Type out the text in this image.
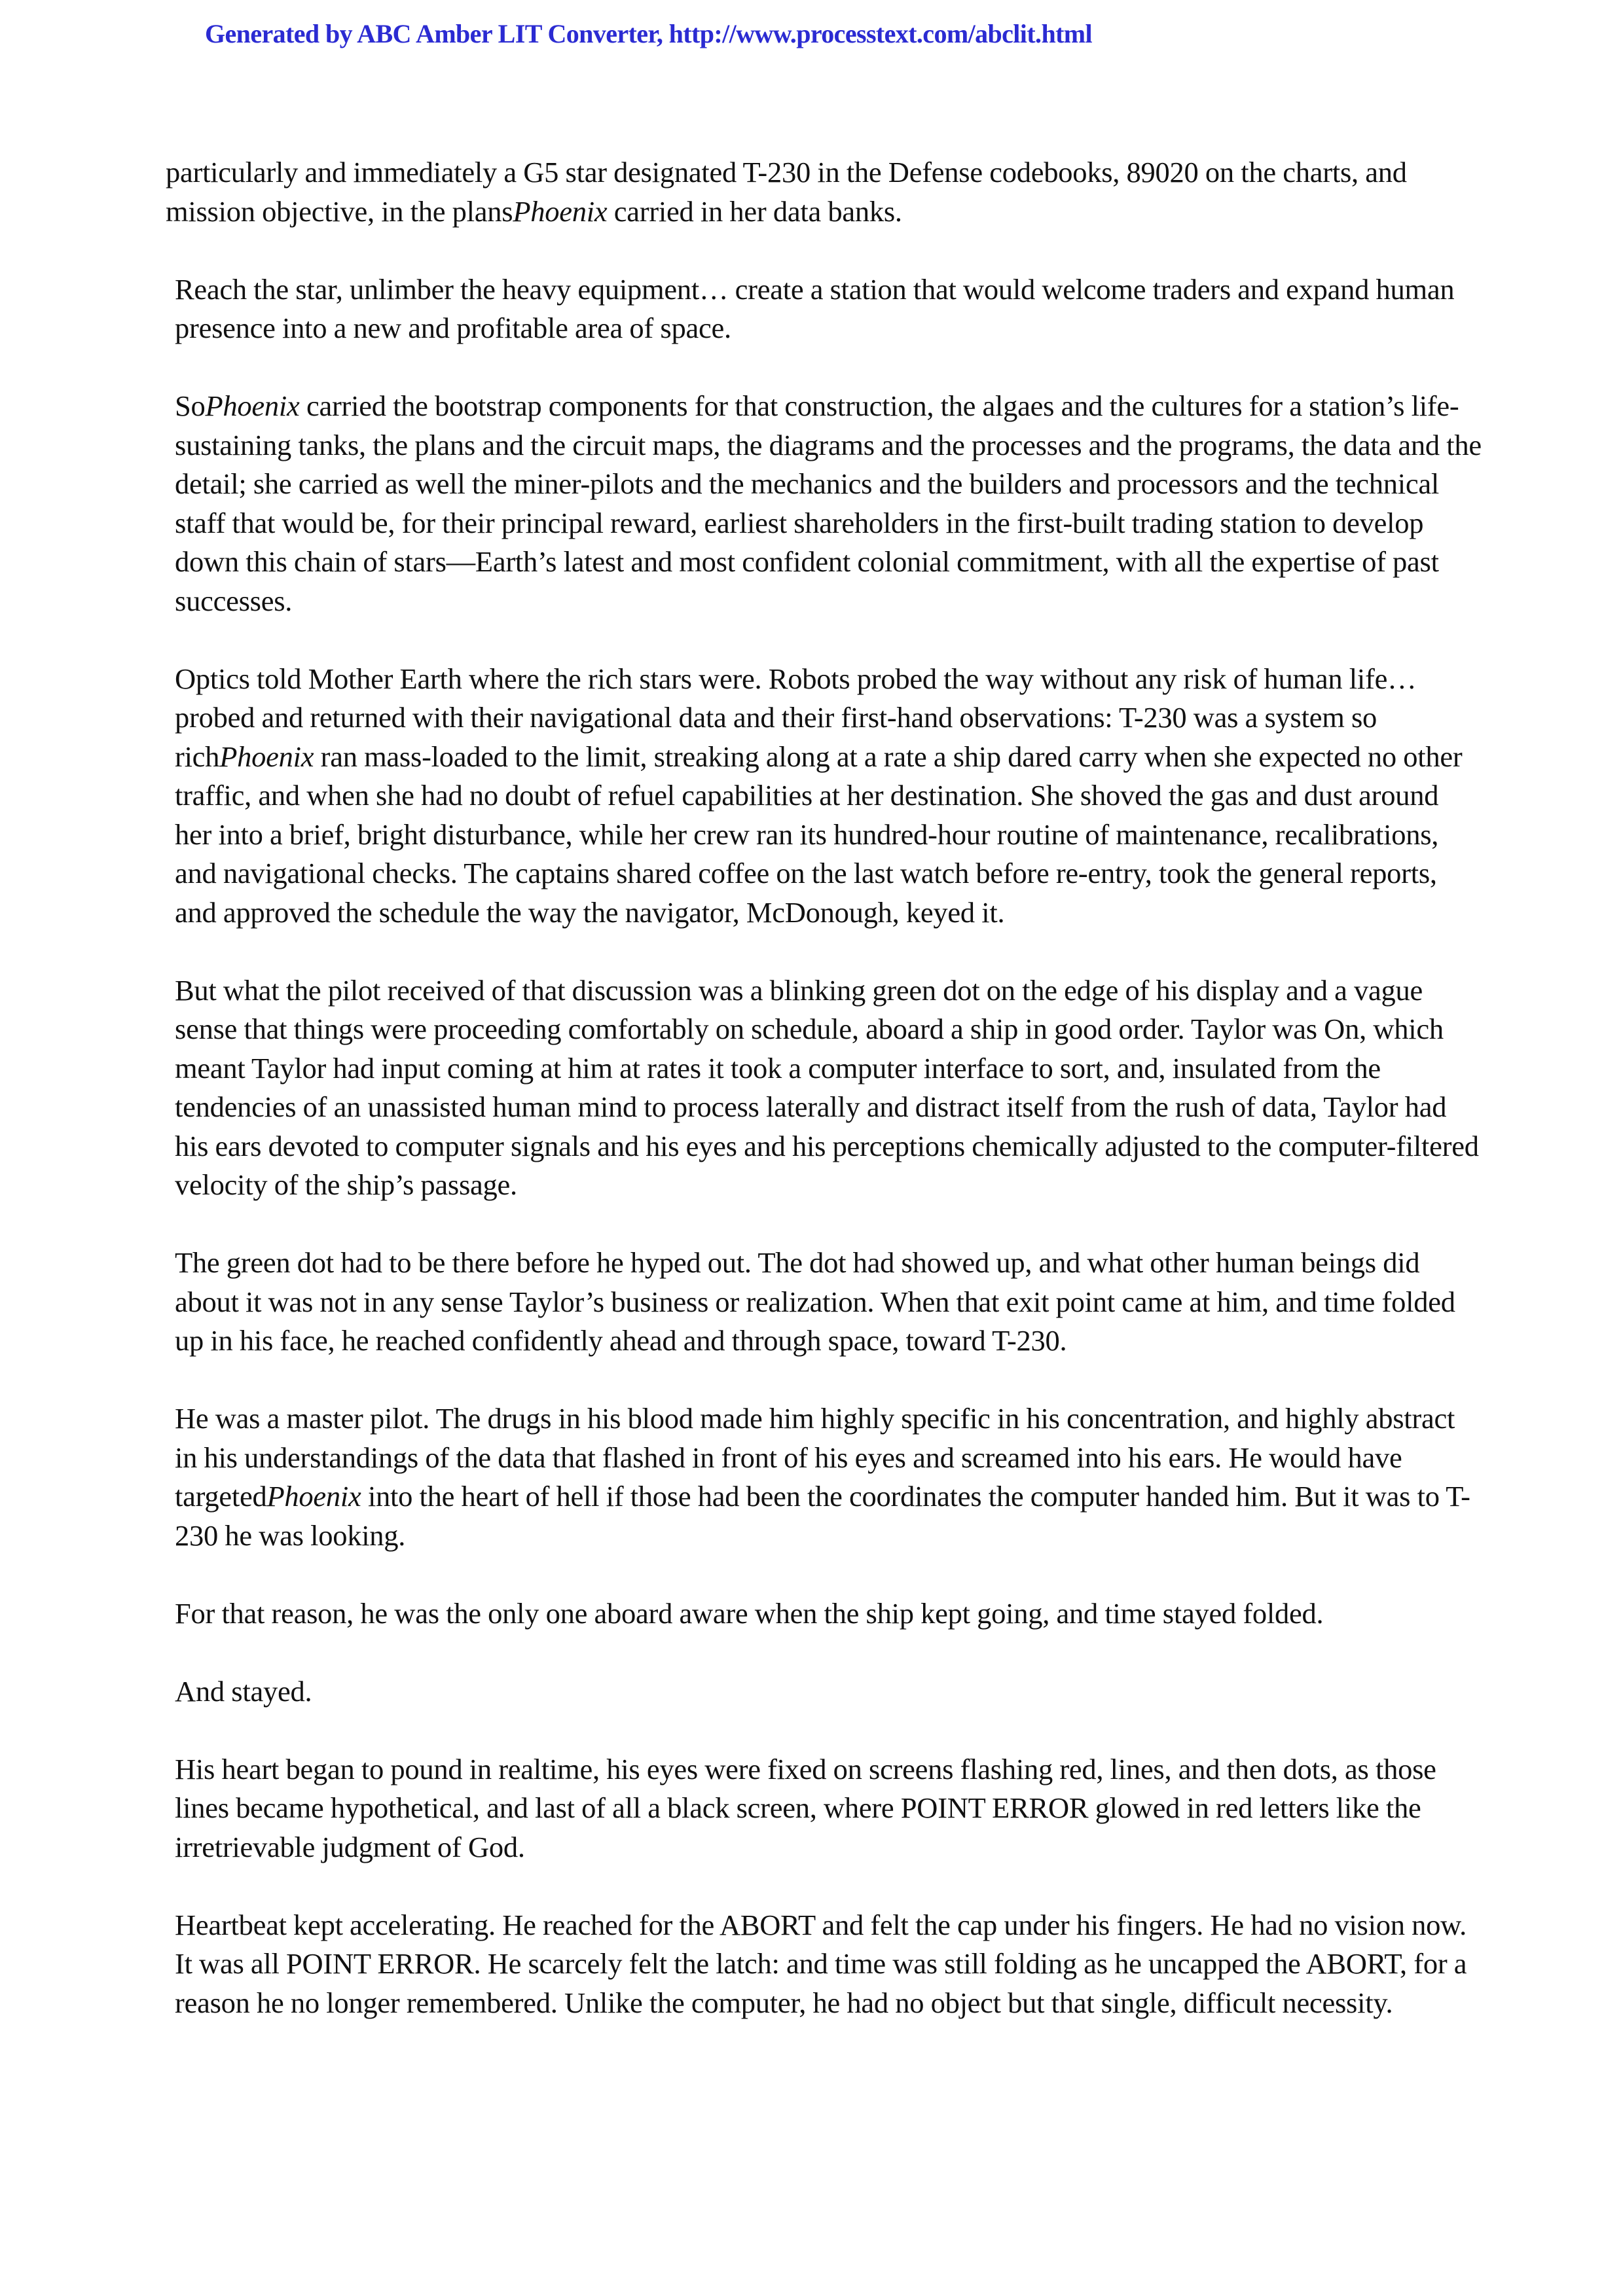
Generated by ABC Amber LIT Converter, http://www.processtext.com/abclit.html

particularly and immediately a G5 star designated T-230 in the Defense codebooks, 89020 on the charts, and mission objective, in the plansPhoenix carried in her data banks.

Reach the star, unlimber the heavy equipment… create a station that would welcome traders and expand human presence into a new and profitable area of space.

SoPhoenix carried the bootstrap components for that construction, the algaes and the cultures for a station’s life-sustaining tanks, the plans and the circuit maps, the diagrams and the processes and the programs, the data and the detail; she carried as well the miner-pilots and the mechanics and the builders and processors and the technical staff that would be, for their principal reward, earliest shareholders in the first-built trading station to develop down this chain of stars—Earth’s latest and most confident colonial commitment, with all the expertise of past successes.

Optics told Mother Earth where the rich stars were. Robots probed the way without any risk of human life… probed and returned with their navigational data and their first-hand observations: T-230 was a system so richPhoenix ran mass-loaded to the limit, streaking along at a rate a ship dared carry when she expected no other traffic, and when she had no doubt of refuel capabilities at her destination. She shoved the gas and dust around her into a brief, bright disturbance, while her crew ran its hundred-hour routine of maintenance, recalibrations, and navigational checks. The captains shared coffee on the last watch before re-entry, took the general reports, and approved the schedule the way the navigator, McDonough, keyed it.

But what the pilot received of that discussion was a blinking green dot on the edge of his display and a vague sense that things were proceeding comfortably on schedule, aboard a ship in good order. Taylor was On, which meant Taylor had input coming at him at rates it took a computer interface to sort, and, insulated from the tendencies of an unassisted human mind to process laterally and distract itself from the rush of data, Taylor had his ears devoted to computer signals and his eyes and his perceptions chemically adjusted to the computer-filtered velocity of the ship’s passage.

The green dot had to be there before he hyped out. The dot had showed up, and what other human beings did about it was not in any sense Taylor’s business or realization. When that exit point came at him, and time folded up in his face, he reached confidently ahead and through space, toward T-230.

He was a master pilot. The drugs in his blood made him highly specific in his concentration, and highly abstract in his understandings of the data that flashed in front of his eyes and screamed into his ears. He would have targetedPhoenix into the heart of hell if those had been the coordinates the computer handed him. But it was to T-230 he was looking.

For that reason, he was the only one aboard aware when the ship kept going, and time stayed folded.

And stayed.

His heart began to pound in realtime, his eyes were fixed on screens flashing red, lines, and then dots, as those lines became hypothetical, and last of all a black screen, where POINT ERROR glowed in red letters like the irretrievable judgment of God.

Heartbeat kept accelerating. He reached for the ABORT and felt the cap under his fingers. He had no vision now. It was all POINT ERROR. He scarcely felt the latch: and time was still folding as he uncapped the ABORT, for a reason he no longer remembered. Unlike the computer, he had no object but that single, difficult necessity.
